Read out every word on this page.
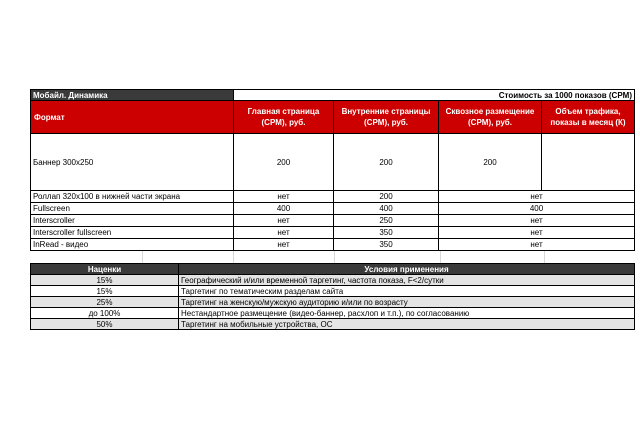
Мобайл. Динамика	Стоимость за 1000 показов (CPM)			
Формат	Главная страница (CPM), руб.	Внутренние страницы (CPM), руб.	Сквозное размещение (CPM), руб.	Объем трафика, показы в месяц (К)
Баннер 300x250	200	200	200	
Роллап 320x100 в нижней части экрана	нет	200	нет	
Fullscreen	400	400	400	
Interscroller	нет	250	нет	
Interscroller fullscreen	нет	350	нет	
InRead - видео	нет	350	нет	
Наценки	Условия применения
15%	Географический и/или временной таргетинг, частота показа, F<2/сутки
15%	Таргетинг по тематическим разделам сайта
25%	Таргетинг на женскую/мужскую аудиторию и/или по возрасту
до 100%	Нестандартное размещение (видео-баннер, расхлоп и т.п.), по согласованию
50%	Таргетинг на мобильные устройства, ОС
